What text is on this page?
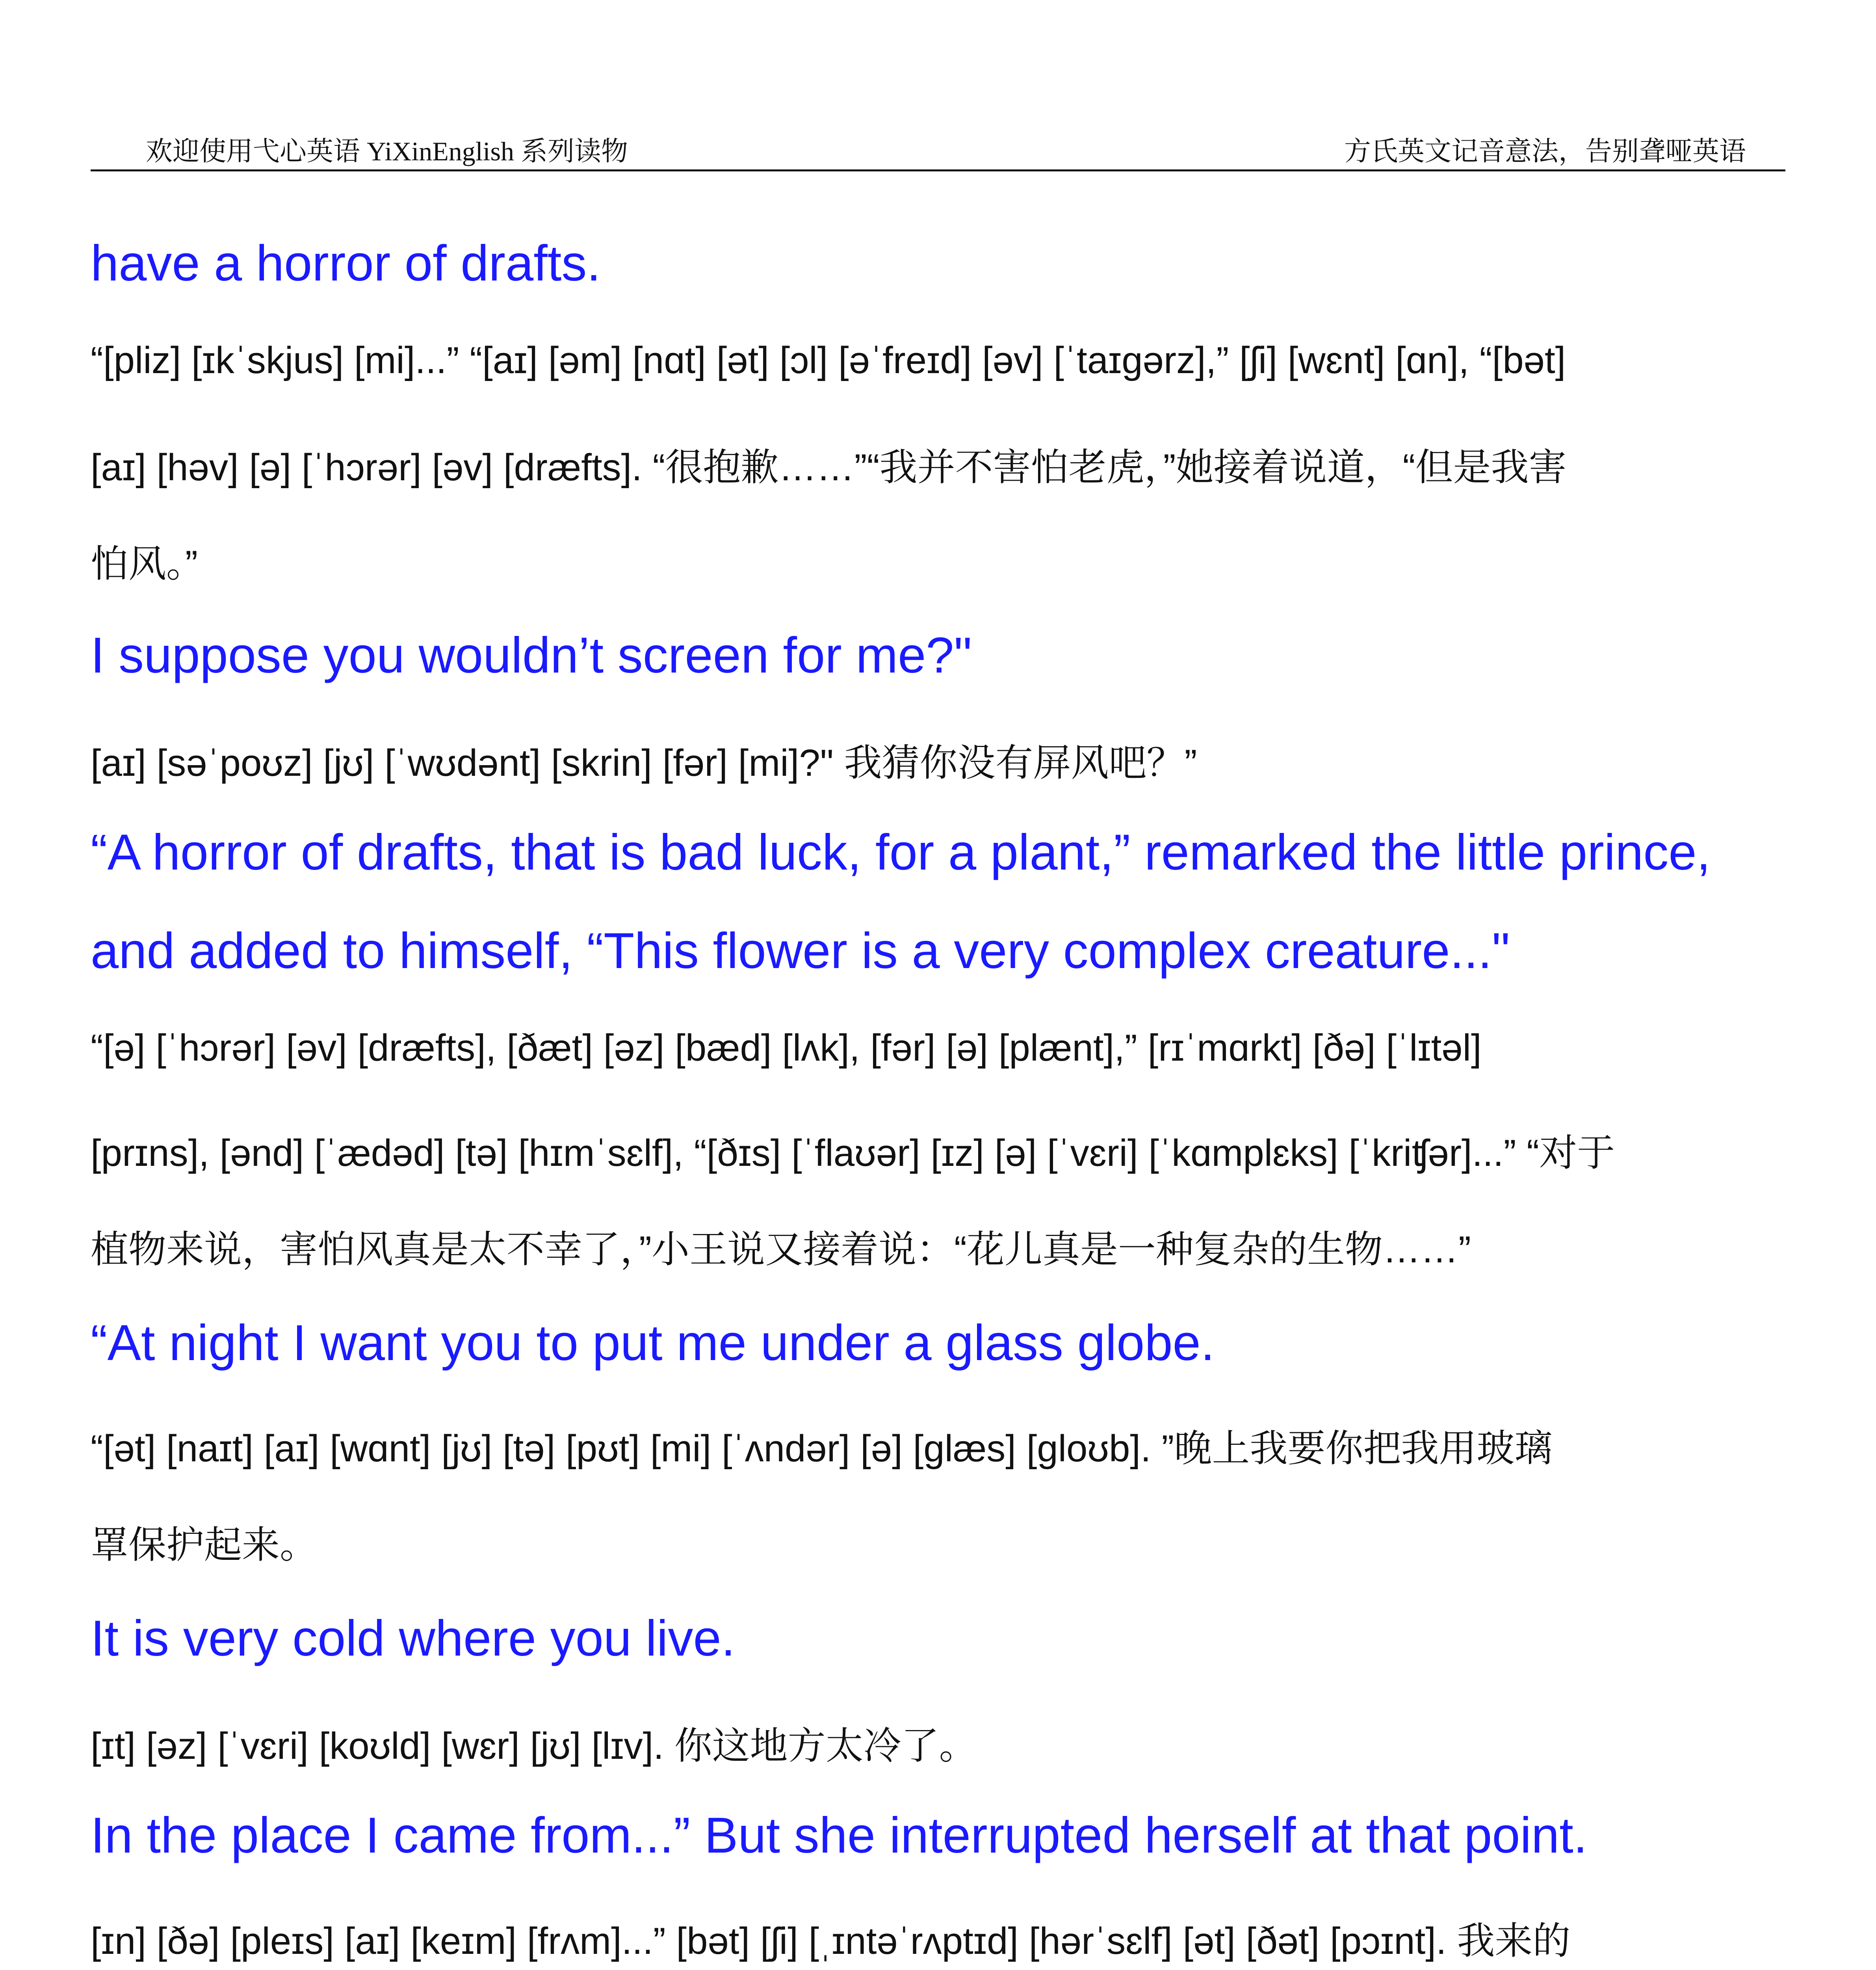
欢迎使用弋心英语 YiXinEnglish 系列读物	方氏英文记音意法，告别聋哑英语
have a horror of drafts.
“[pliz] [ɪkˈskjus] [mi]...” “[aɪ] [əm] [nɑt] [ət] [ɔl] [əˈfreɪd] [əv] [ˈtaɪgərz],” [ʃi] [wɛnt] [ɑn], “[bət]
[aɪ] [həv] [ə] [ˈhɔrər] [əv] [dræfts]. “很抱歉……”“我并不害怕老虎，”她接着说道，“但是我害
怕风。”
I suppose you wouldn’t screen for me?"
[aɪ] [səˈpoʊz] [jʊ] [ˈwʊdənt] [skrin] [fər] [mi]?" 我猜你没有屏风吧？”
“A horror of drafts, that is bad luck, for a plant,” remarked the little prince,
and added to himself, “This flower is a very complex creature..."
“[ə] [ˈhɔrər] [əv] [dræfts], [ðæt] [əz] [bæd] [lʌk], [fər] [ə] [plænt],” [rɪˈmɑrkt] [ðə] [ˈlɪtəl]
[prɪns], [ənd] [ˈædəd] [tə] [hɪmˈsɛlf], “[ðɪs] [ˈflaʊər] [ɪz] [ə] [ˈvɛri] [ˈkɑmplɛks] [ˈkriʧər]...” “对于
植物来说，害怕风真是太不幸了，”小王说又接着说：“花儿真是一种复杂的生物……”
“At night I want you to put me under a glass globe.
“[ət] [naɪt] [aɪ] [wɑnt] [jʊ] [tə] [pʊt] [mi] [ˈʌndər] [ə] [glæs] [gloʊb]. ”晚上我要你把我用玻璃
罩保护起来。
It is very cold where you live.
[ɪt] [əz] [ˈvɛri] [koʊld] [wɛr] [jʊ] [lɪv]. 你这地方太冷了。
In the place I came from...” But she interrupted herself at that point.
[ɪn] [ðə] [pleɪs] [aɪ] [keɪm] [frʌm]...” [bət] [ʃi] [ˌɪntəˈrʌptɪd] [hərˈsɛlf] [ət] [ðət] [pɔɪnt]. 我来的
